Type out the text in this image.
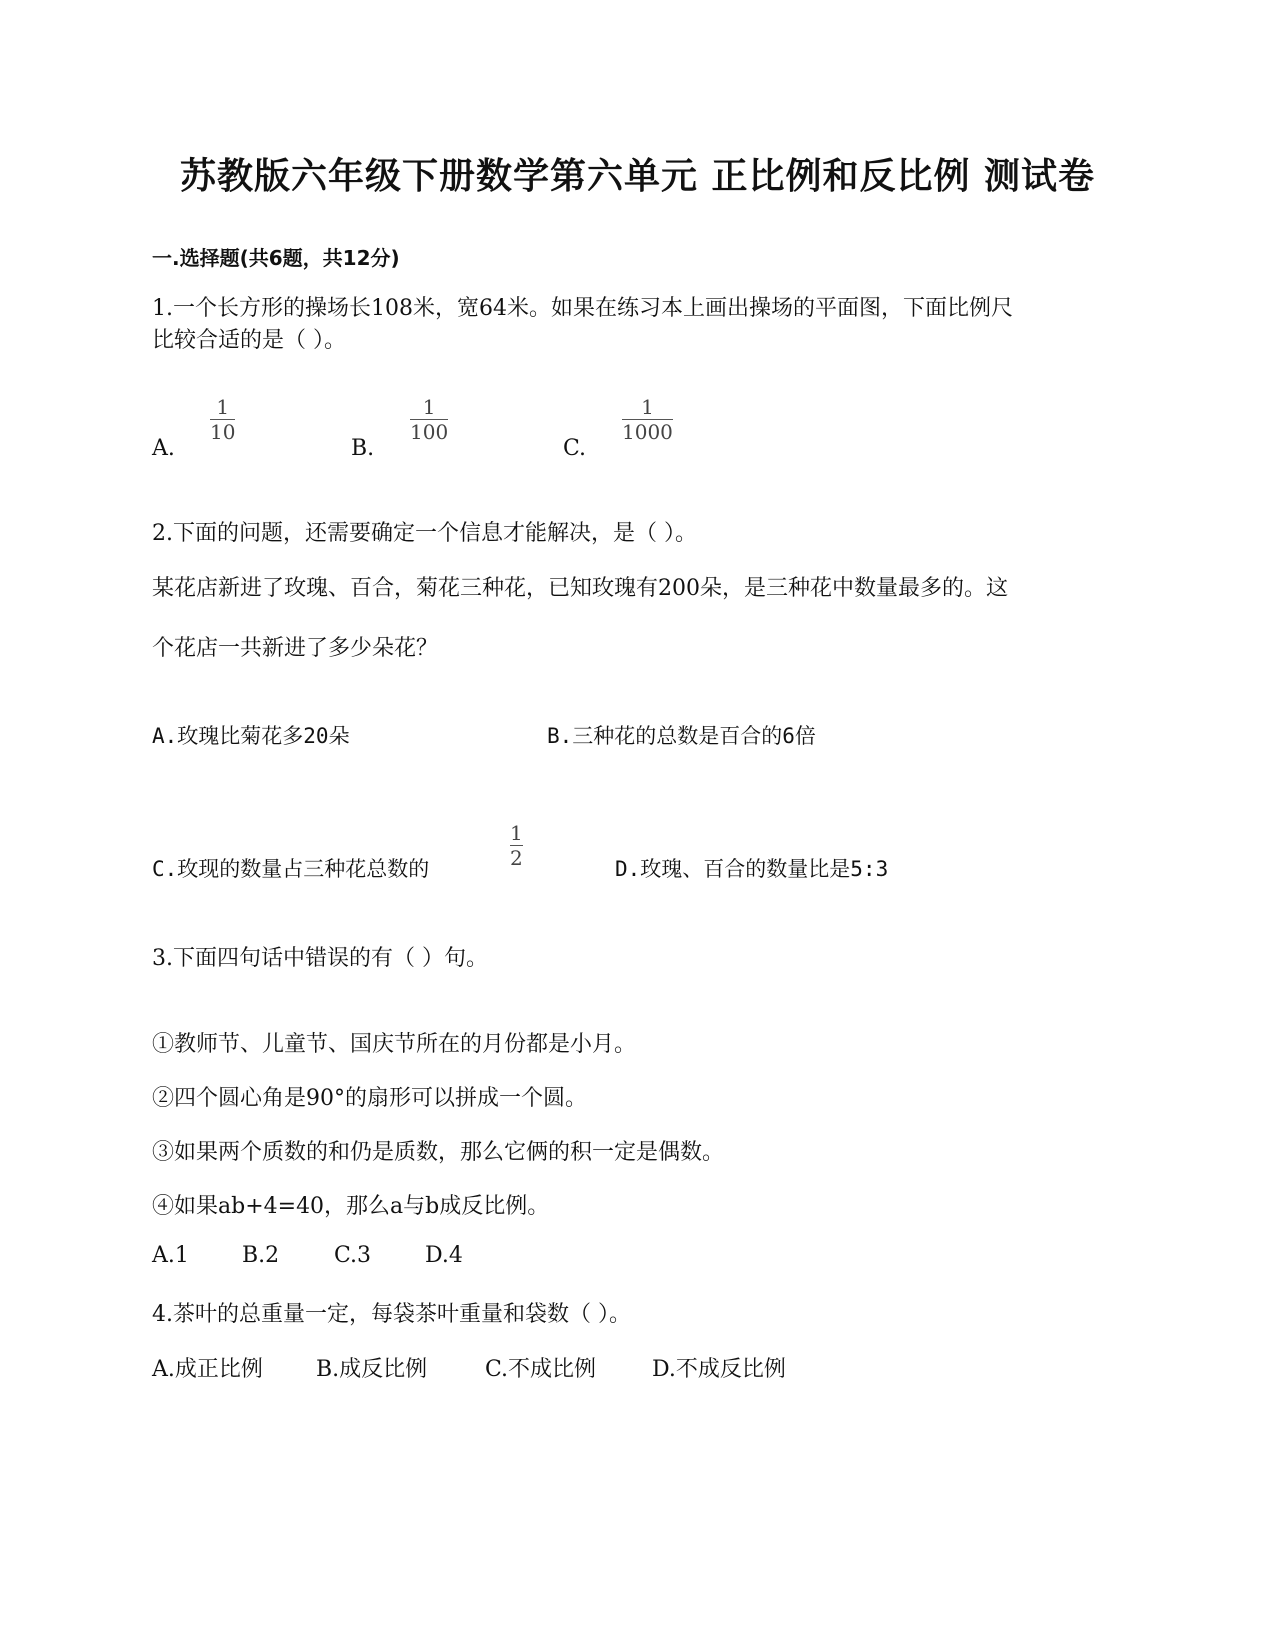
苏教版六年级下册数学第六单元 正比例和反比例 测试卷
一.选择题(共6题，共12分)
1.一个长方形的操场长108米，宽64米。如果在练习本上画出操场的平面图，下面比例尺
比较合适的是（ ）。
A.
1
10
B.
1
100
C.
1
1000
2.下面的问题，还需要确定一个信息才能解决，是（ ）。
某花店新进了玫瑰、百合，菊花三种花，已知玫瑰有200朵，是三种花中数量最多的。这
个花店一共新进了多少朵花？
A.玫瑰比菊花多20朵	B.三种花的总数是百合的6倍
C.玫现的数量占三种花总数的
1
2	D.玫瑰、百合的数量比是5:3
3.下面四句话中错误的有（ ）句。
①教师节、儿童节、国庆节所在的月份都是小月。
②四个圆心角是90°的扇形可以拼成一个圆。
③如果两个质数的和仍是质数，那么它俩的积一定是偶数。
④如果ab+4=40，那么a与b成反比例。
A.1 B.2 C.3 D.4
4.茶叶的总重量一定，每袋茶叶重量和袋数（ ）。
A.成正比例 B.成反比例	C.不成比例	D.不成反比例
